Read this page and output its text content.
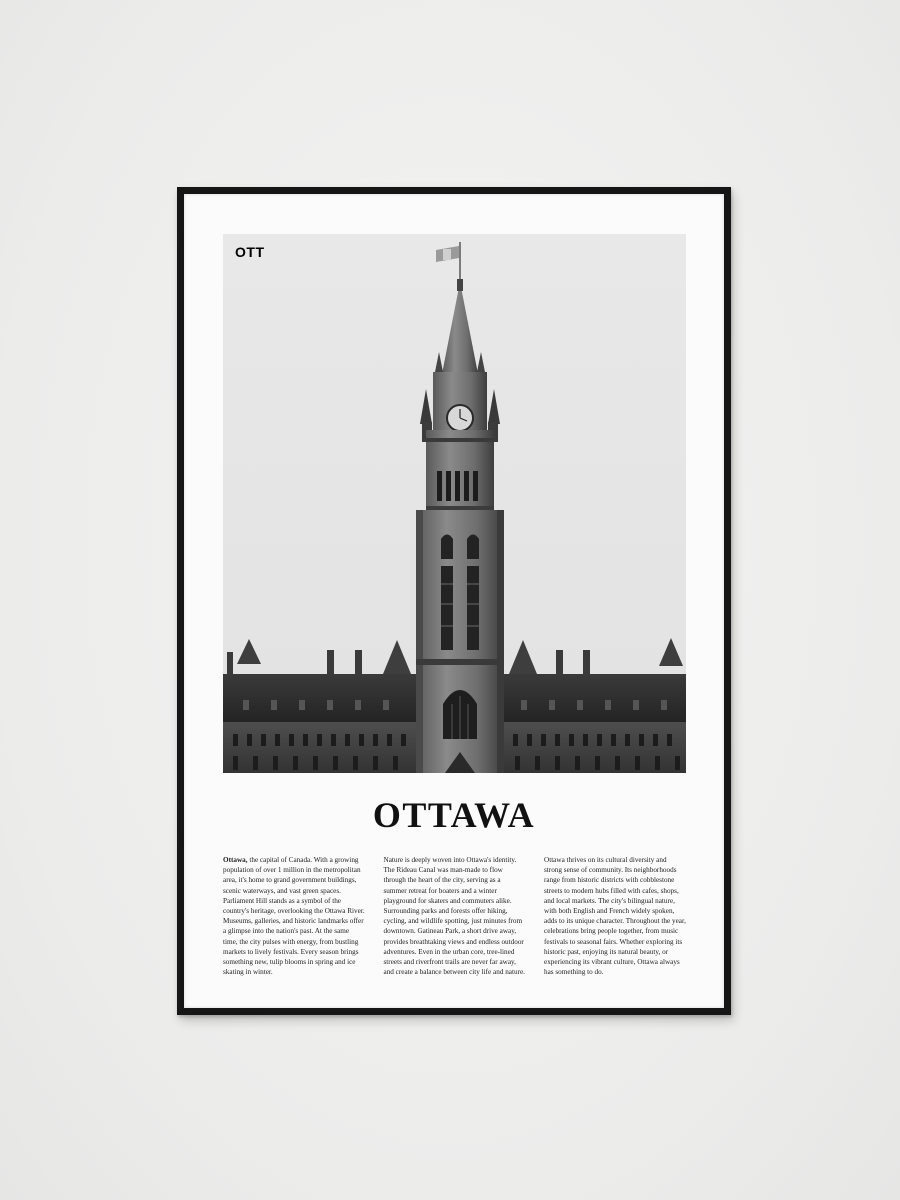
OTT
OTTAWA
Ottawa, the capital of Canada. With a growing population of over 1 million in the metropolitan area, it's home to grand government buildings, scenic waterways, and vast green spaces. Parliament Hill stands as a symbol of the country's heritage, overlooking the Ottawa River. Museums, galleries, and historic landmarks offer a glimpse into the nation's past. At the same time, the city pulses with energy, from bustling markets to lively festivals. Every season brings something new, tulip blooms in spring and ice skating in winter.
Nature is deeply woven into Ottawa's identity. The Rideau Canal was man-made to flow through the heart of the city, serving as a summer retreat for boaters and a winter playground for skaters and commuters alike. Surrounding parks and forests offer hiking, cycling, and wildlife spotting, just minutes from downtown. Gatineau Park, a short drive away, provides breathtaking views and endless outdoor adventures. Even in the urban core, tree-lined streets and riverfront trails are never far away, and create a balance between city life and nature.
Ottawa thrives on its cultural diversity and strong sense of community. Its neighborhoods range from historic districts with cobblestone streets to modern hubs filled with cafes, shops, and local markets. The city's bilingual nature, with both English and French widely spoken, adds to its unique character. Throughout the year, celebrations bring people together, from music festivals to seasonal fairs. Whether exploring its historic past, enjoying its natural beauty, or experiencing its vibrant culture, Ottawa always has something to do.
